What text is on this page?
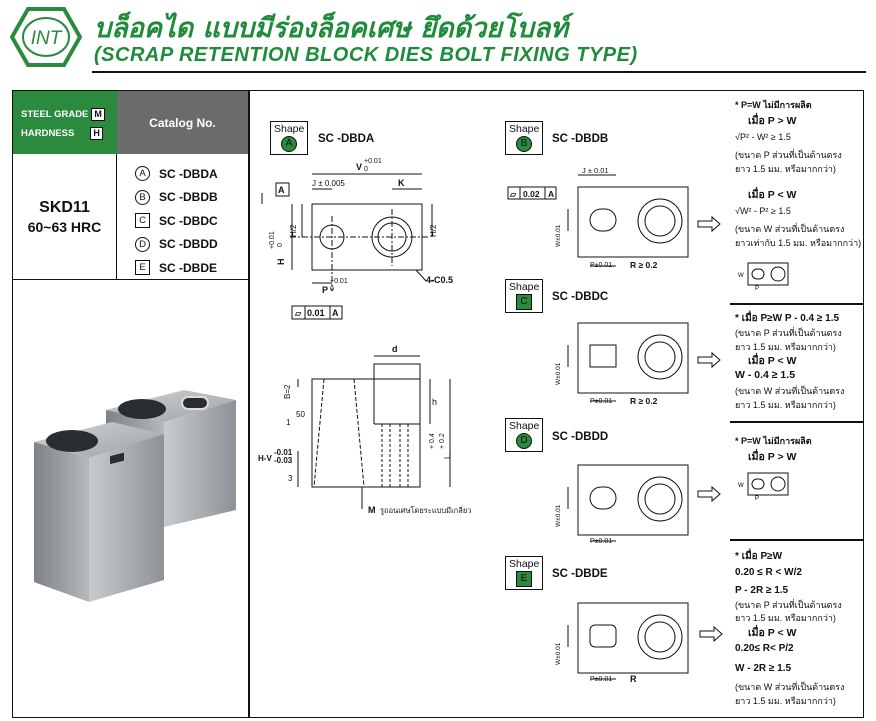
INT บล็อคได แบบมีร่องล็อคเศษ ยึดด้วยโบลท์
(SCRAP RETENTION BLOCK DIES BOLT FIXING TYPE)
STEEL GRADE M
HARDNESS H
Catalog No.
SKD11
60~63 HRC
A	SC -DBDA
B	SC -DBDB
C	SC -DBDC
D	SC -DBDD
E	SC -DBDE
Shape
A	SC -DBDA
Shape
B	SC -DBDB
Shape
C	SC -DBDC
Shape
D	SC -DBDD
Shape
E	SC -DBDE
V
+0.01
0
J ± 0.005	K
A
H/2	H/2
H
+0.01 0
P
+0.01
0
4-C0.5
⏥ 0.01 A
d
B=2
1
50
h
-0.01
H-V -0.03
3
L
+ 0.4 + 0.2
M รูถอนเศษโดยระแบบมีเกลียว
J ± 0.01
⏥ 0.02 A
W±0.01
P±0.01 R ≥ 0.2
W±0.01
P±0.01 R ≥ 0.2
W±0.01
P±0.01
W±0.01
P±0.01 R
* P=W ไม่มีการผลิต
เมื่อ P > W
√P² - W² ≥ 1.5
(ขนาด P ส่วนที่เป็นด้านตรง
ยาว 1.5 มม. หรือมากกว่า)
เมื่อ P < W
√W² - P² ≥ 1.5
(ขนาด W ส่วนที่เป็นด้านตรง
ยาวเท่ากับ 1.5 มม. หรือมากกว่า)
W
P
* เมื่อ P≥W P - 0.4 ≥ 1.5
(ขนาด P ส่วนที่เป็นด้านตรง
ยาว 1.5 มม. หรือมากกว่า)
เมื่อ P < W
W - 0.4 ≥ 1.5
(ขนาด W ส่วนที่เป็นด้านตรง
ยาว 1.5 มม. หรือมากกว่า)
* P=W ไม่มีการผลิต
เมื่อ P > W
W
P
* เมื่อ P≥W
0.20 ≤ R < W/2
P - 2R ≥ 1.5
(ขนาด P ส่วนที่เป็นด้านตรง
ยาว 1.5 มม. หรือมากกว่า)
เมื่อ P < W
0.20≤ R< P/2
W - 2R ≥ 1.5
(ขนาด W ส่วนที่เป็นด้านตรง
ยาว 1.5 มม. หรือมากกว่า)
